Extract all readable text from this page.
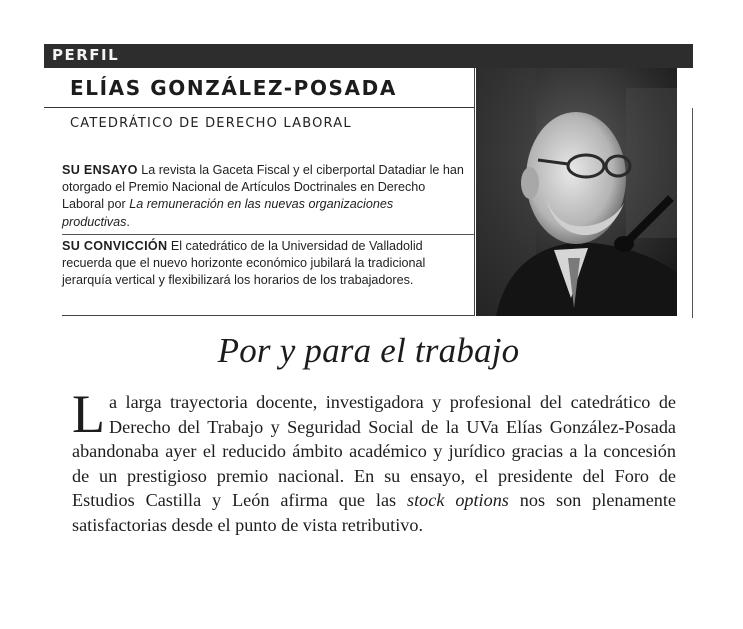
PERFIL
ELÍAS GONZÁLEZ-POSADA
CATEDRÁTICO DE DERECHO LABORAL
SU ENSAYO La revista la Gaceta Fiscal y el ciberportal Datadiar le han otorgado el Premio Nacional de Artículos Doctrinales en Derecho Laboral por La remuneración en las nuevas organizaciones productivas.
SU CONVICCIÓN El catedrático de la Universidad de Valladolid recuerda que el nuevo horizonte económico jubilará la tradicional jerarquía vertical y flexibilizará los horarios de los trabajadores.
Por y para el trabajo
La larga trayectoria docente, investigadora y profesional del catedrático de Derecho del Trabajo y Seguridad Social de la UVa Elías González-Posada abandonaba ayer el reducido ámbito académico y jurídico gracias a la concesión de un prestigioso premio nacional. En su ensayo, el presidente del Foro de Estudios Castilla y León afirma que las stock options nos son plenamente satisfactorias desde el punto de vista retributivo.
